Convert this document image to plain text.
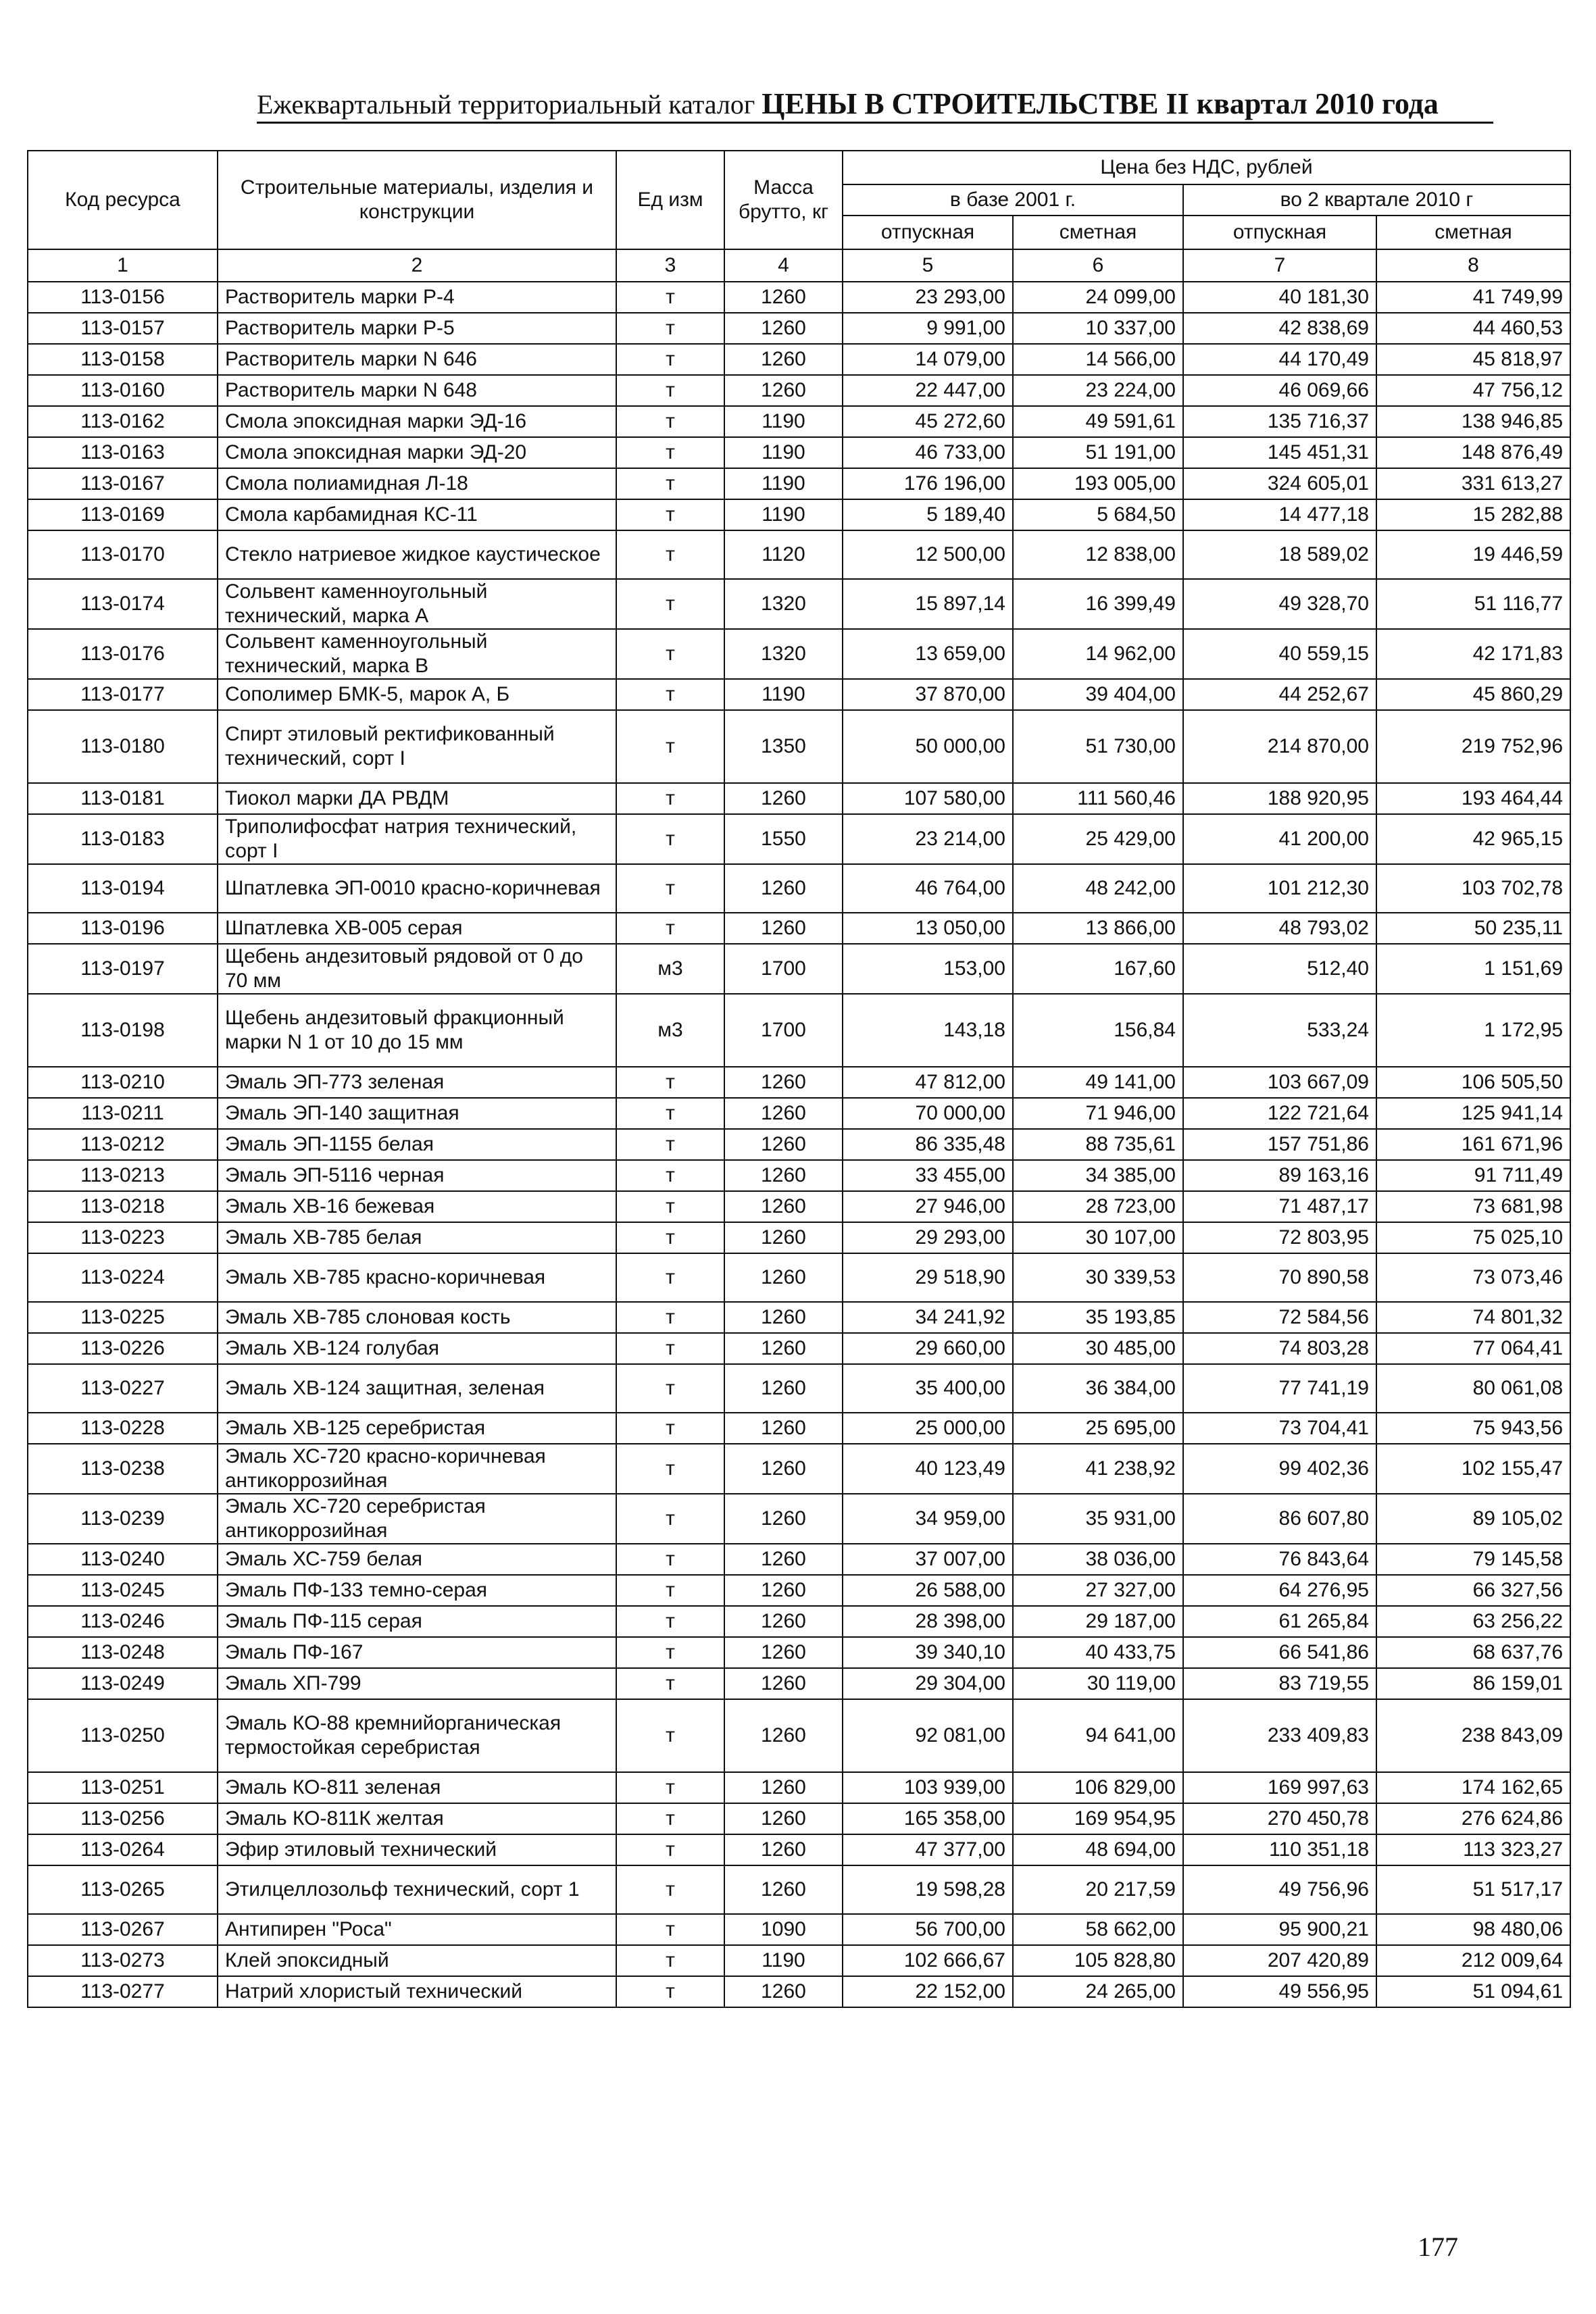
Ежеквартальный территориальный каталог ЦЕНЫ В СТРОИТЕЛЬСТВЕ II квартал 2010 года
Код ресурса	Строительные материалы, изделия и конструкции	Ед изм	Масса брутто, кг	Цена без НДС, рублей			
				в базе 2001 г.		во 2 квартале 2010 г	
				отпускная	сметная	отпускная	сметная
1	2	3	4	5	6	7	8
113-0156	Растворитель марки Р-4	т	1260	23 293,00	24 099,00	40 181,30	41 749,99
113-0157	Растворитель марки Р-5	т	1260	9 991,00	10 337,00	42 838,69	44 460,53
113-0158	Растворитель марки N 646	т	1260	14 079,00	14 566,00	44 170,49	45 818,97
113-0160	Растворитель марки N 648	т	1260	22 447,00	23 224,00	46 069,66	47 756,12
113-0162	Смола эпоксидная марки ЭД-16	т	1190	45 272,60	49 591,61	135 716,37	138 946,85
113-0163	Смола эпоксидная марки ЭД-20	т	1190	46 733,00	51 191,00	145 451,31	148 876,49
113-0167	Смола полиамидная Л-18	т	1190	176 196,00	193 005,00	324 605,01	331 613,27
113-0169	Смола карбамидная КС-11	т	1190	5 189,40	5 684,50	14 477,18	15 282,88
113-0170	Стекло натриевое жидкое каустическое	т	1120	12 500,00	12 838,00	18 589,02	19 446,59
113-0174	Сольвент каменноугольный технический, марка А	т	1320	15 897,14	16 399,49	49 328,70	51 116,77
113-0176	Сольвент каменноугольный технический, марка В	т	1320	13 659,00	14 962,00	40 559,15	42 171,83
113-0177	Сополимер БМК-5, марок А, Б	т	1190	37 870,00	39 404,00	44 252,67	45 860,29
113-0180	Спирт этиловый ректификованный технический, сорт I	т	1350	50 000,00	51 730,00	214 870,00	219 752,96
113-0181	Тиокол марки ДА РВДМ	т	1260	107 580,00	111 560,46	188 920,95	193 464,44
113-0183	Триполифосфат натрия технический, сорт I	т	1550	23 214,00	25 429,00	41 200,00	42 965,15
113-0194	Шпатлевка ЭП-0010 красно-коричневая	т	1260	46 764,00	48 242,00	101 212,30	103 702,78
113-0196	Шпатлевка ХВ-005 серая	т	1260	13 050,00	13 866,00	48 793,02	50 235,11
113-0197	Щебень андезитовый рядовой от 0 до 70 мм	м3	1700	153,00	167,60	512,40	1 151,69
113-0198	Щебень андезитовый фракционный марки N 1 от 10 до 15 мм	м3	1700	143,18	156,84	533,24	1 172,95
113-0210	Эмаль ЭП-773 зеленая	т	1260	47 812,00	49 141,00	103 667,09	106 505,50
113-0211	Эмаль ЭП-140 защитная	т	1260	70 000,00	71 946,00	122 721,64	125 941,14
113-0212	Эмаль ЭП-1155 белая	т	1260	86 335,48	88 735,61	157 751,86	161 671,96
113-0213	Эмаль ЭП-5116 черная	т	1260	33 455,00	34 385,00	89 163,16	91 711,49
113-0218	Эмаль ХВ-16 бежевая	т	1260	27 946,00	28 723,00	71 487,17	73 681,98
113-0223	Эмаль ХВ-785 белая	т	1260	29 293,00	30 107,00	72 803,95	75 025,10
113-0224	Эмаль ХВ-785 красно-коричневая	т	1260	29 518,90	30 339,53	70 890,58	73 073,46
113-0225	Эмаль ХВ-785 слоновая кость	т	1260	34 241,92	35 193,85	72 584,56	74 801,32
113-0226	Эмаль ХВ-124 голубая	т	1260	29 660,00	30 485,00	74 803,28	77 064,41
113-0227	Эмаль ХВ-124 защитная, зеленая	т	1260	35 400,00	36 384,00	77 741,19	80 061,08
113-0228	Эмаль ХВ-125 серебристая	т	1260	25 000,00	25 695,00	73 704,41	75 943,56
113-0238	Эмаль ХС-720 красно-коричневая антикоррозийная	т	1260	40 123,49	41 238,92	99 402,36	102 155,47
113-0239	Эмаль ХС-720 серебристая антикоррозийная	т	1260	34 959,00	35 931,00	86 607,80	89 105,02
113-0240	Эмаль ХС-759 белая	т	1260	37 007,00	38 036,00	76 843,64	79 145,58
113-0245	Эмаль ПФ-133 темно-серая	т	1260	26 588,00	27 327,00	64 276,95	66 327,56
113-0246	Эмаль ПФ-115 серая	т	1260	28 398,00	29 187,00	61 265,84	63 256,22
113-0248	Эмаль ПФ-167	т	1260	39 340,10	40 433,75	66 541,86	68 637,76
113-0249	Эмаль ХП-799	т	1260	29 304,00	30 119,00	83 719,55	86 159,01
113-0250	Эмаль КО-88 кремнийорганическая термостойкая серебристая	т	1260	92 081,00	94 641,00	233 409,83	238 843,09
113-0251	Эмаль КО-811 зеленая	т	1260	103 939,00	106 829,00	169 997,63	174 162,65
113-0256	Эмаль КО-811К желтая	т	1260	165 358,00	169 954,95	270 450,78	276 624,86
113-0264	Эфир этиловый технический	т	1260	47 377,00	48 694,00	110 351,18	113 323,27
113-0265	Этилцеллозольф технический, сорт 1	т	1260	19 598,28	20 217,59	49 756,96	51 517,17
113-0267	Антипирен "Роса"	т	1090	56 700,00	58 662,00	95 900,21	98 480,06
113-0273	Клей эпоксидный	т	1190	102 666,67	105 828,80	207 420,89	212 009,64
113-0277	Натрий хлористый технический	т	1260	22 152,00	24 265,00	49 556,95	51 094,61
177
